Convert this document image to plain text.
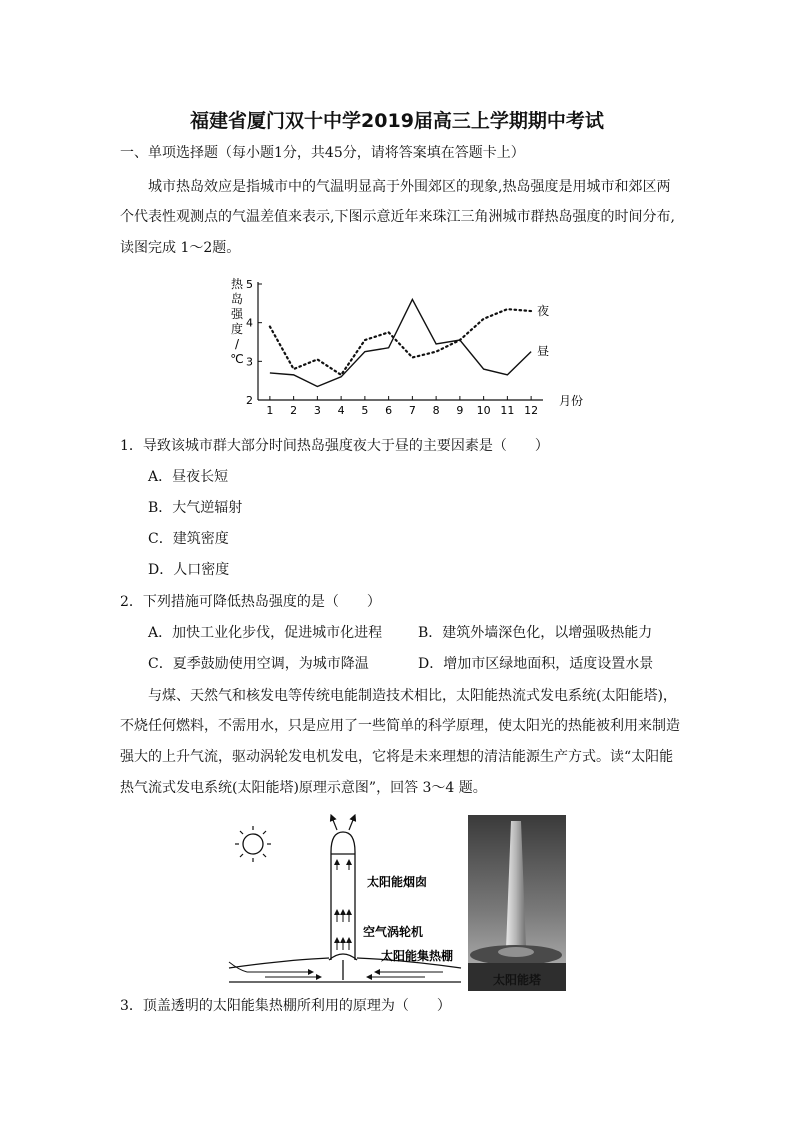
福建省厦门双十中学2019届高三上学期期中考试
一、单项选择题（每小题1分，共45分，请将答案填在答题卡上）
城市热岛效应是指城市中的气温明显高于外围郊区的现象,热岛强度是用城市和郊区两
个代表性观测点的气温差值来表示,下图示意近年来珠江三角洲城市群热岛强度的时间分布,
读图完成 1～2题。
2
3
4
5
1 2 3 4 5 6 7 8 9 10 11 12
月份
热岛强度/ ℃
夜
昼
1．导致该城市群大部分时间热岛强度夜大于昼的主要因素是（　　）
A．昼夜长短
B．大气逆辐射
C．建筑密度
D．人口密度
2．下列措施可降低热岛强度的是（　　）
A．加快工业化步伐，促进城市化进程	B．建筑外墙深色化，以增强吸热能力
C．夏季鼓励使用空调，为城市降温	D．增加市区绿地面积，适度设置水景
与煤、天然气和核发电等传统电能制造技术相比，太阳能热流式发电系统(太阳能塔)，
不烧任何燃料，不需用水，只是应用了一些简单的科学原理，使太阳光的热能被利用来制造
强大的上升气流，驱动涡轮发电机发电，它将是未来理想的清洁能源生产方式。读“太阳能
热气流式发电系统(太阳能塔)原理示意图”，回答 3～4 题。
太阳能烟囱
空气涡轮机
太阳能集热棚
太阳能塔
3．顶盖透明的太阳能集热棚所利用的原理为（　　）
